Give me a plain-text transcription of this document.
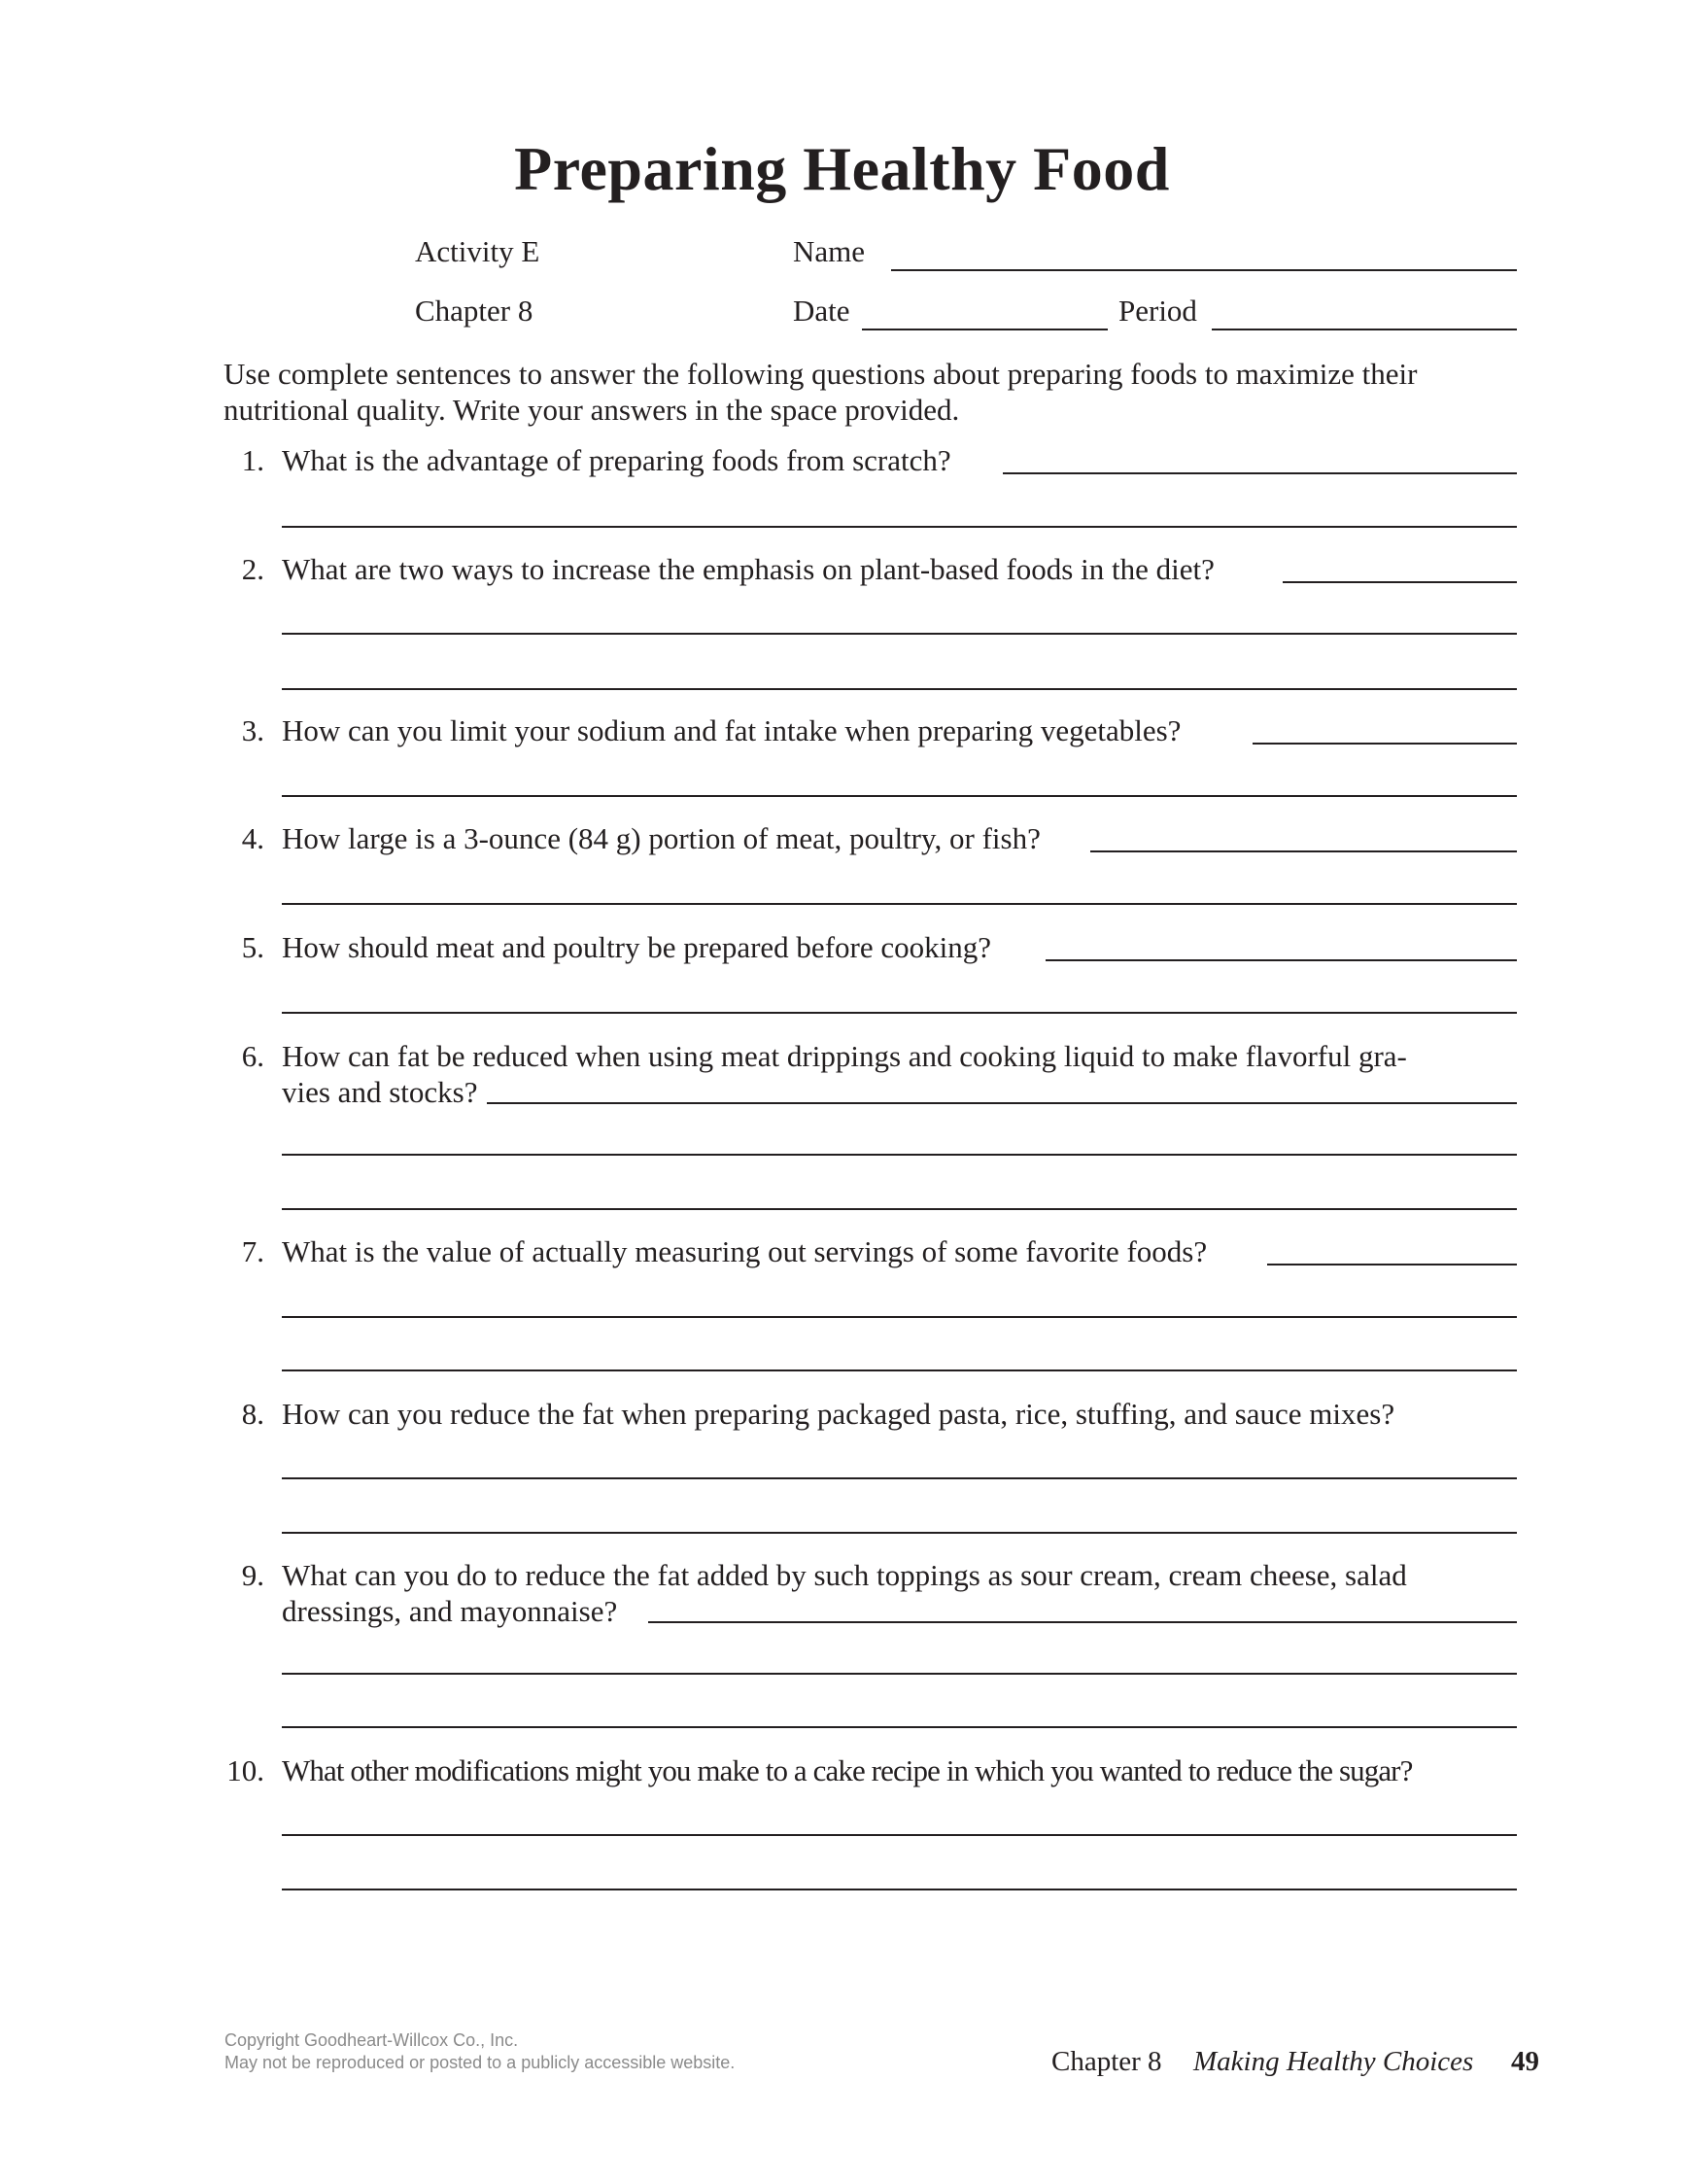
Preparing Healthy Food
Activity E	Name
Chapter 8	Date	Period
Use complete sentences to answer the following questions about preparing foods to maximize their nutritional quality. Write your answers in the space provided.
1. What is the advantage of preparing foods from scratch?
2. What are two ways to increase the emphasis on plant-based foods in the diet?
3. How can you limit your sodium and fat intake when preparing vegetables?
4. How large is a 3-ounce (84 g) portion of meat, poultry, or fish?
5. How should meat and poultry be prepared before cooking?
6. How can fat be reduced when using meat drippings and cooking liquid to make flavorful gra-
vies and stocks?
7. What is the value of actually measuring out servings of some favorite foods?
8. How can you reduce the fat when preparing packaged pasta, rice, stuffing, and sauce mixes?
9. What can you do to reduce the fat added by such toppings as sour cream, cream cheese, salad
dressings, and mayonnaise?
10. What other modifications might you make to a cake recipe in which you wanted to reduce the sugar?
Copyright Goodheart-Willcox Co., Inc.
May not be reproduced or posted to a publicly accessible website.	Chapter 8 Making Healthy Choices 49
